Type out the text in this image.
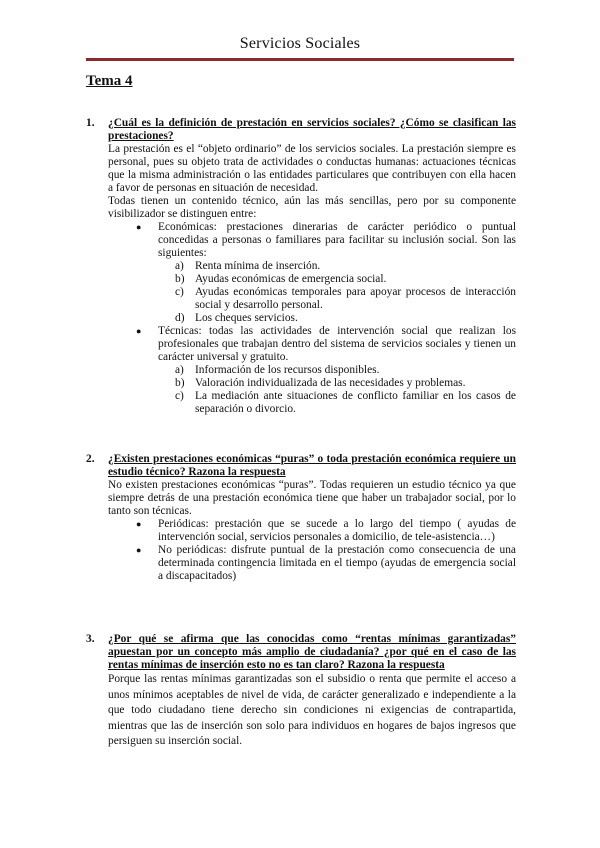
Servicios Sociales
Tema 4
1. ¿Cuál es la definición de prestación en servicios sociales? ¿Cómo se clasifican las prestaciones?

La prestación es el “objeto ordinario” de los servicios sociales. La prestación siempre es personal, pues su objeto trata de actividades o conductas humanas: actuaciones técnicas que la misma administración o las entidades particulares que contribuyen con ella hacen a favor de personas en situación de necesidad.

Todas tienen un contenido técnico, aún las más sencillas, pero por su componente visibilizador se distinguen entre:

● Económicas: prestaciones dinerarias de carácter periódico o puntual concedidas a personas o familiares para facilitar su inclusión social. Son las siguientes:
a) Renta mínima de inserción.
b) Ayudas económicas de emergencia social.
c) Ayudas económicas temporales para apoyar procesos de interacción social y desarrollo personal.
d) Los cheques servicios.
● Técnicas: todas las actividades de intervención social que realizan los profesionales que trabajan dentro del sistema de servicios sociales y tienen un carácter universal y gratuito.
a) Información de los recursos disponibles.
b) Valoración individualizada de las necesidades y problemas.
c) La mediación ante situaciones de conflicto familiar en los casos de separación o divorcio.
2. ¿Existen prestaciones económicas “puras” o toda prestación económica requiere un estudio técnico? Razona la respuesta

No existen prestaciones económicas “puras”. Todas requieren un estudio técnico ya que siempre detrás de una prestación económica tiene que haber un trabajador social, por lo tanto son técnicas.

● Periódicas: prestación que se sucede a lo largo del tiempo ( ayudas de intervención social, servicios personales a domicilio, de tele-asistencia…)
● No periódicas: disfrute puntual de la prestación como consecuencia de una determinada contingencia limitada en el tiempo (ayudas de emergencia social a discapacitados)
3. ¿Por qué se afirma que las conocidas como “rentas mínimas garantizadas” apuestan por un concepto más amplio de ciudadanía? ¿por qué en el caso de las rentas mínimas de inserción esto no es tan claro? Razona la respuesta

Porque las rentas mínimas garantizadas son el subsidio o renta que permite el acceso a unos mínimos aceptables de nivel de vida, de carácter generalizado e independiente a la que todo ciudadano tiene derecho sin condiciones ni exigencias de contrapartida, mientras que las de inserción son solo para individuos en hogares de bajos ingresos que persiguen su inserción social.
